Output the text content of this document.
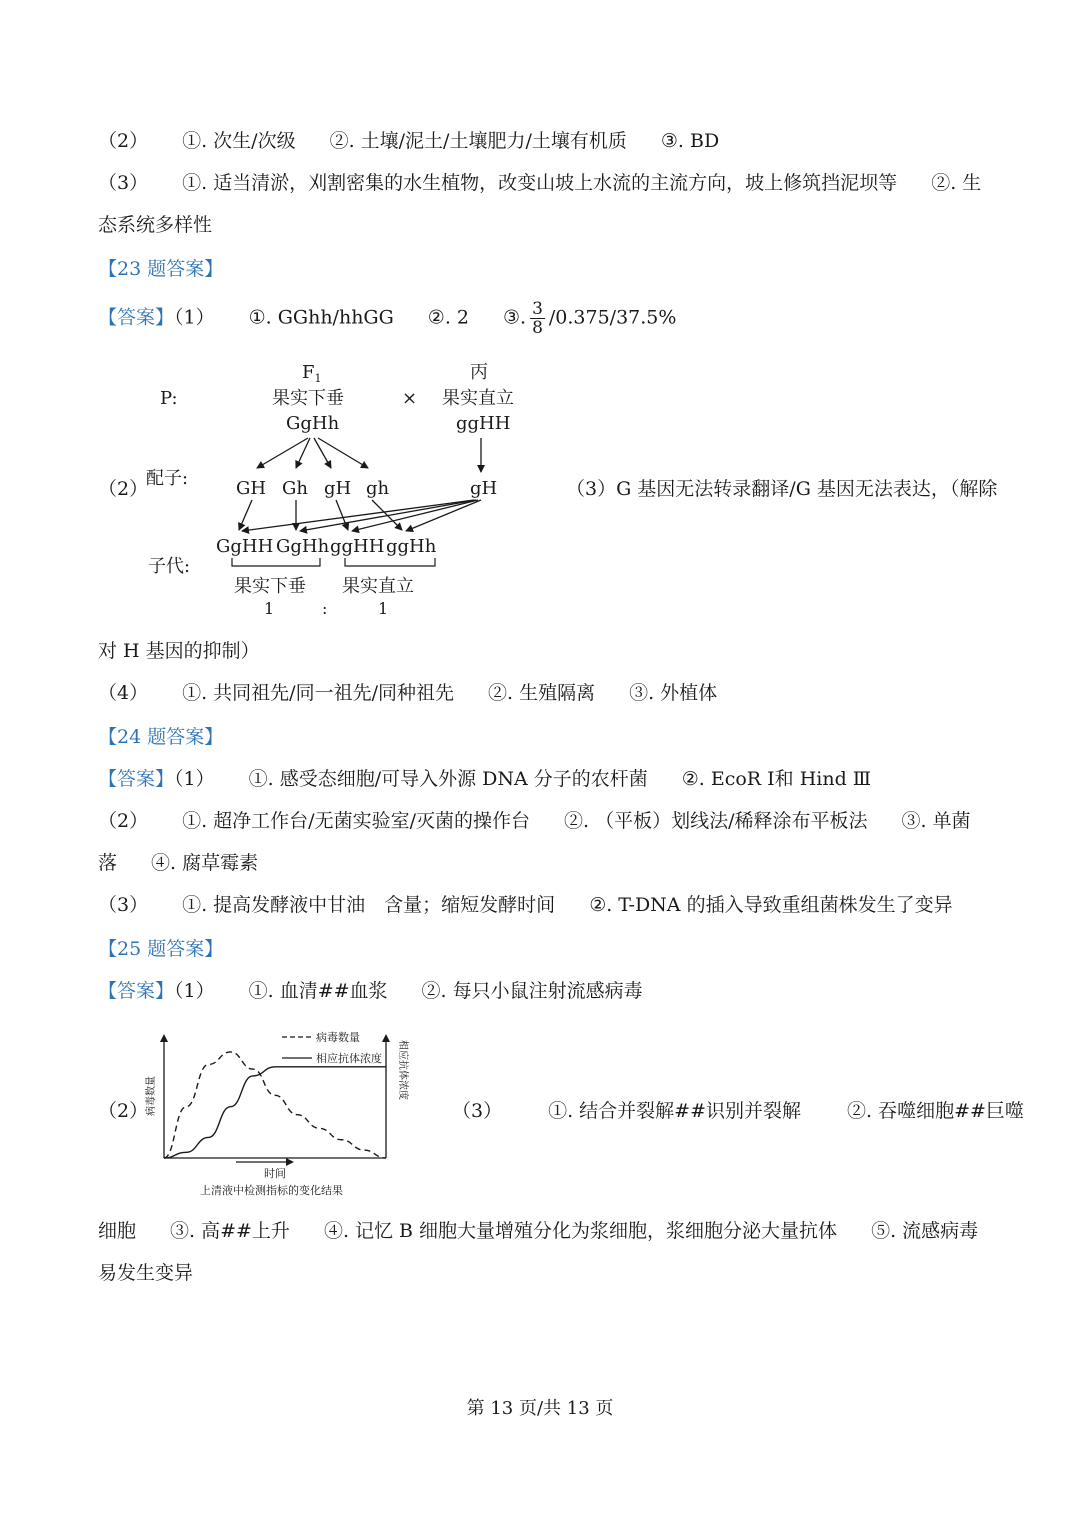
（2） ①. 次生/次级 ②. 土壤/泥土/土壤肥力/土壤有机质 ③. BD
（3） ①. 适当清淤，刈割密集的水生植物，改变山坡上水流的主流方向，坡上修筑挡泥坝等 ②. 生
态系统多样性
【23 题答案】
【答案】（1） ①. GGhh/hhGG ②. 2 ③. $\frac{3}{8} /0.375/37.5\%$
（2）
P:
$F_1$	丙
果实下垂	× 果实直立
GgHh	ggHH
配子:	GH Gh gH gh	gH
GgHH GgHh ggHH ggHh
子代:
果实下垂 果实直立
1	:	1
（3）G 基因无法转录翻译/G 基因无法表达，（解除
对 H 基因的抑制）
（4） ①. 共同祖先/同一祖先/同种祖先 ②. 生殖隔离 ③. 外植体
【24 题答案】
【答案】（1） ①. 感受态细胞/可导入外源 DNA 分子的农杆菌 ②. EcoR Ⅰ和 Hind Ⅲ
（2） ①. 超净工作台/无菌实验室/灭菌的操作台 ②. （平板）划线法/稀释涂布平板法 ③. 单菌
落 ④. 腐草霉素
（3） ①. 提高发酵液中甘油　含量；缩短发酵时间 ②. T-DNA 的插入导致重组菌株发生了变异
【25 题答案】
【答案】（1） ①. 血清##血浆 ②. 每只小鼠注射流感病毒
（2）
病毒数量	相应抗体浓度
病毒数量
相应抗体浓度
时间
上清液中检测指标的变化结果
（3） ①. 结合并裂解##识别并裂解 ②. 吞噬细胞##巨噬
细胞 ③. 高##上升 ④. 记忆 B 细胞大量增殖分化为浆细胞，浆细胞分泌大量抗体 ⑤. 流感病毒
易发生变异
第 13 页/共 13 页
